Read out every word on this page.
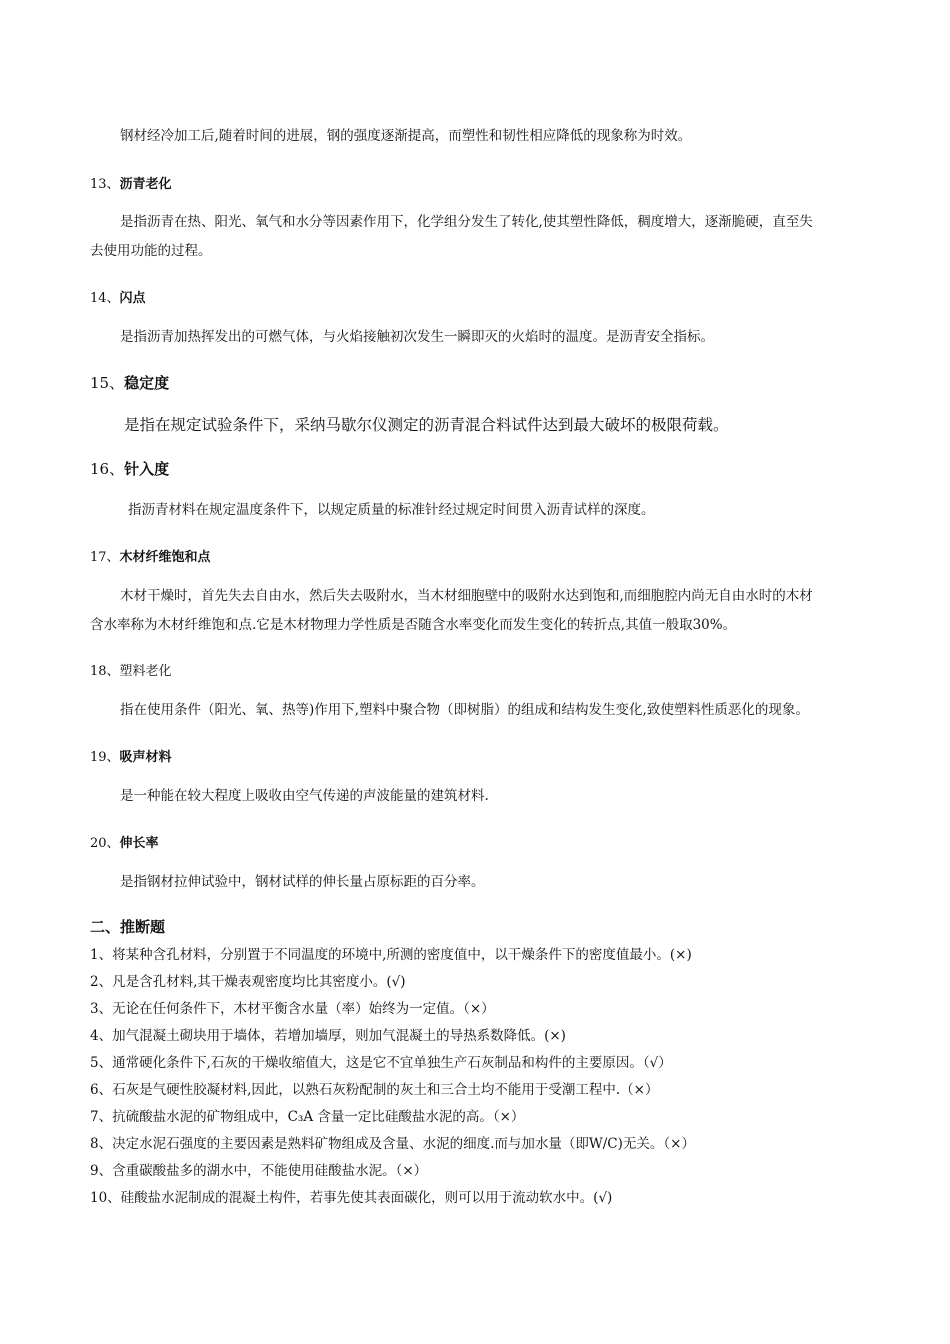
钢材经冷加工后,随着时间的进展，钢的强度逐渐提高，而塑性和韧性相应降低的现象称为时效。
13、沥青老化
是指沥青在热、阳光、氧气和水分等因素作用下，化学组分发生了转化,使其塑性降低，稠度增大，逐渐脆硬，直至失
去使用功能的过程。
14、闪点
是指沥青加热挥发出的可燃气体，与火焰接触初次发生一瞬即灭的火焰时的温度。是沥青安全指标。
15、稳定度
是指在规定试验条件下，采纳马歇尔仪测定的沥青混合料试件达到最大破坏的极限荷载。
16、针入度
指沥青材料在规定温度条件下，以规定质量的标准针经过规定时间贯入沥青试样的深度。
17、木材纤维饱和点
木材干燥时，首先失去自由水，然后失去吸附水，当木材细胞壁中的吸附水达到饱和,而细胞腔内尚无自由水时的木材
含水率称为木材纤维饱和点.它是木材物理力学性质是否随含水率变化而发生变化的转折点,其值一般取30%。
18、塑料老化
指在使用条件（阳光、氧、热等)作用下,塑料中聚合物（即树脂）的组成和结构发生变化,致使塑料性质恶化的现象。
19、吸声材料
是一种能在较大程度上吸收由空气传递的声波能量的建筑材料.
20、伸长率
是指钢材拉伸试验中，钢材试样的伸长量占原标距的百分率。
二、推断题
1、将某种含孔材料，分别置于不同温度的环境中,所测的密度值中，以干燥条件下的密度值最小。(×)
2、凡是含孔材料,其干燥表观密度均比其密度小。(√)
3、无论在任何条件下，木材平衡含水量（率）始终为一定值。（×）
4、加气混凝土砌块用于墙体，若增加墙厚，则加气混凝土的导热系数降低。(×)
5、通常硬化条件下,石灰的干燥收缩值大，这是它不宜单独生产石灰制品和构件的主要原因。（√）
6、石灰是气硬性胶凝材料,因此，以熟石灰粉配制的灰土和三合土均不能用于受潮工程中.（×）
7、抗硫酸盐水泥的矿物组成中，C₃A 含量一定比硅酸盐水泥的高。（×）
8、决定水泥石强度的主要因素是熟料矿物组成及含量、水泥的细度.而与加水量（即W/C)无关。（×）
9、含重碳酸盐多的湖水中，不能使用硅酸盐水泥。（×）
10、硅酸盐水泥制成的混凝土构件，若事先使其表面碳化，则可以用于流动软水中。(√)
